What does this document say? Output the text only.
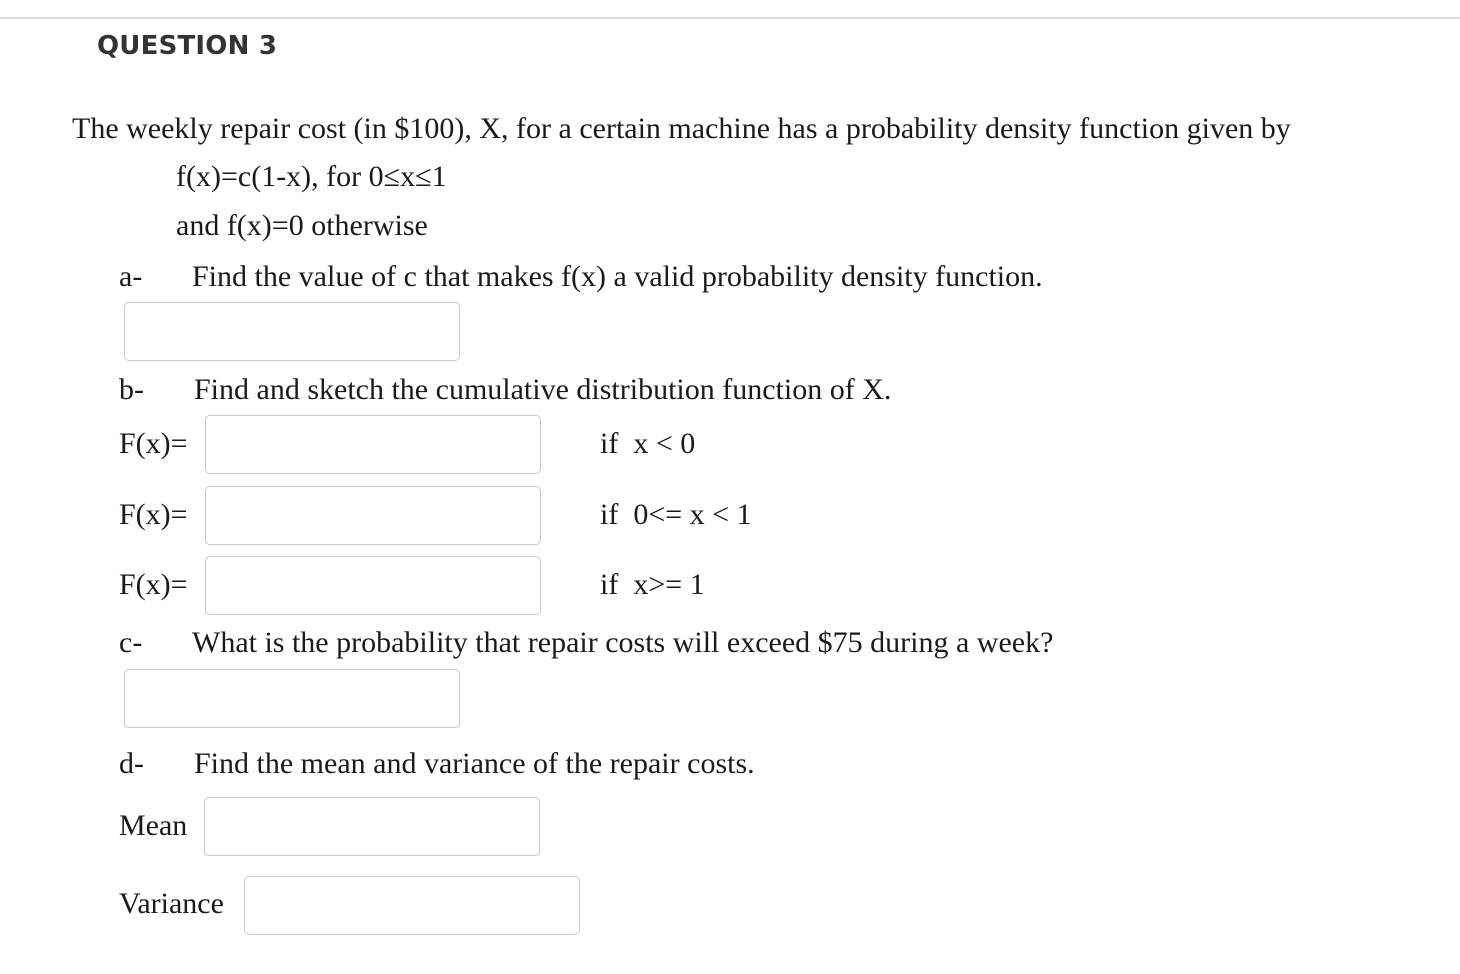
QUESTION 3
The weekly repair cost (in $100), X, for a certain machine has a probability density function given by
f(x)=c(1-x), for 0≤x≤1
and f(x)=0 otherwise
a- Find the value of c that makes f(x) a valid probability density function.
b- Find and sketch the cumulative distribution function of X.
F(x)=	if  x < 0
F(x)=	if  0<= x < 1
F(x)=	if  x>= 1
c- What is the probability that repair costs will exceed $75 during a week?
d- Find the mean and variance of the repair costs.
Mean
Variance
